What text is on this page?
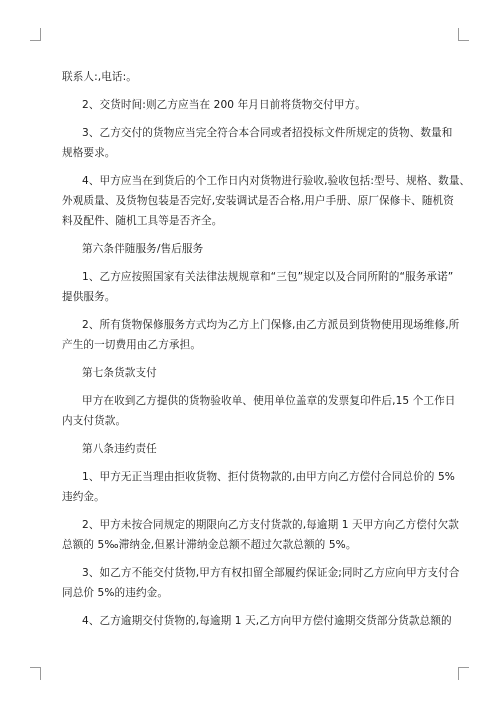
联系人:,电话:。
2、交货时间:则乙方应当在 200 年月日前将货物交付甲方。
3、乙方交付的货物应当完全符合本合同或者招投标文件所规定的货物、数量和
规格要求。
4、甲方应当在到货后的个工作日内对货物进行验收,验收包括:型号、规格、数量、
外观质量、及货物包装是否完好,安装调试是否合格,用户手册、原厂保修卡、随机资
料及配件、随机工具等是否齐全。
第六条伴随服务/售后服务
1、乙方应按照国家有关法律法规规章和“三包”规定以及合同所附的“服务承诺”
提供服务。
2、所有货物保修服务方式均为乙方上门保修,由乙方派员到货物使用现场维修,所
产生的一切费用由乙方承担。
第七条货款支付
甲方在收到乙方提供的货物验收单、使用单位盖章的发票复印件后,15 个工作日
内支付货款。
第八条违约责任
1、甲方无正当理由拒收货物、拒付货物款的,由甲方向乙方偿付合同总价的 5%
违约金。
2、甲方未按合同规定的期限向乙方支付货款的,每逾期 1 天甲方向乙方偿付欠款
总额的 5‰滞纳金,但累计滞纳金总额不超过欠款总额的 5%。
3、如乙方不能交付货物,甲方有权扣留全部履约保证金;同时乙方应向甲方支付合
同总价 5%的违约金。
4、乙方逾期交付货物的,每逾期 1 天,乙方向甲方偿付逾期交货部分货款总额的
